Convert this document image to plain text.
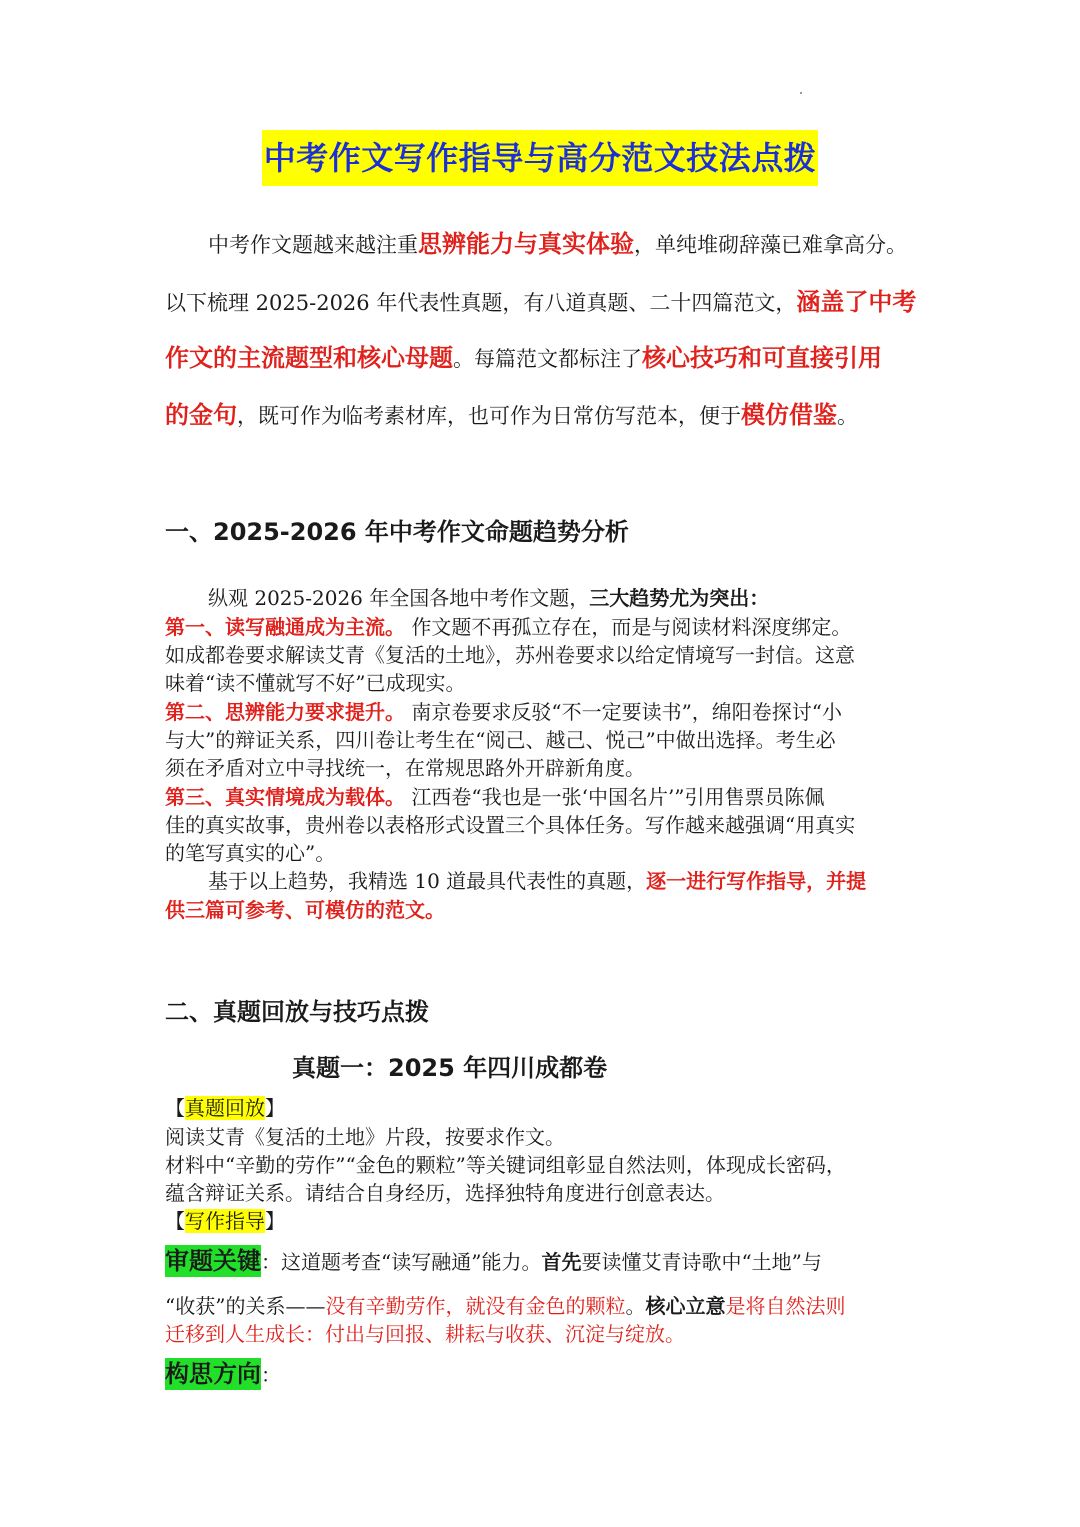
中考作文写作指导与高分范文技法点拨
中考作文题越来越注重思辨能力与真实体验，单纯堆砌辞藻已难拿高分。
以下梳理 2025-2026 年代表性真题，有八道真题、二十四篇范文，涵盖了中考
作文的主流题型和核心母题。每篇范文都标注了核心技巧和可直接引用
的金句，既可作为临考素材库，也可作为日常仿写范本，便于模仿借鉴。
一、2025-2026 年中考作文命题趋势分析
纵观 2025-2026 年全国各地中考作文题，三大趋势尤为突出：
第一、读写融通成为主流。 作文题不再孤立存在，而是与阅读材料深度绑定。
如成都卷要求解读艾青《复活的土地》，苏州卷要求以给定情境写一封信。这意
味着“读不懂就写不好”已成现实。
第二、思辨能力要求提升。 南京卷要求反驳“不一定要读书”，绵阳卷探讨“小
与大”的辩证关系，四川卷让考生在“阅己、越己、悦己”中做出选择。考生必
须在矛盾对立中寻找统一，在常规思路外开辟新角度。
第三、真实情境成为载体。 江西卷“我也是一张‘中国名片’”引用售票员陈佩
佳的真实故事，贵州卷以表格形式设置三个具体任务。写作越来越强调“用真实
的笔写真实的心”。
基于以上趋势，我精选 10 道最具代表性的真题，逐一进行写作指导，并提
供三篇可参考、可模仿的范文。
二、真题回放与技巧点拨
真题一：2025 年四川成都卷
【真题回放】
阅读艾青《复活的土地》片段，按要求作文。
材料中“辛勤的劳作”“金色的颗粒”等关键词组彰显自然法则，体现成长密码，
蕴含辩证关系。请结合自身经历，选择独特角度进行创意表达。
【写作指导】
审题关键：这道题考查“读写融通”能力。首先要读懂艾青诗歌中“土地”与
“收获”的关系——没有辛勤劳作，就没有金色的颗粒。核心立意是将自然法则
迁移到人生成长：付出与回报、耕耘与收获、沉淀与绽放。
构思方向：
